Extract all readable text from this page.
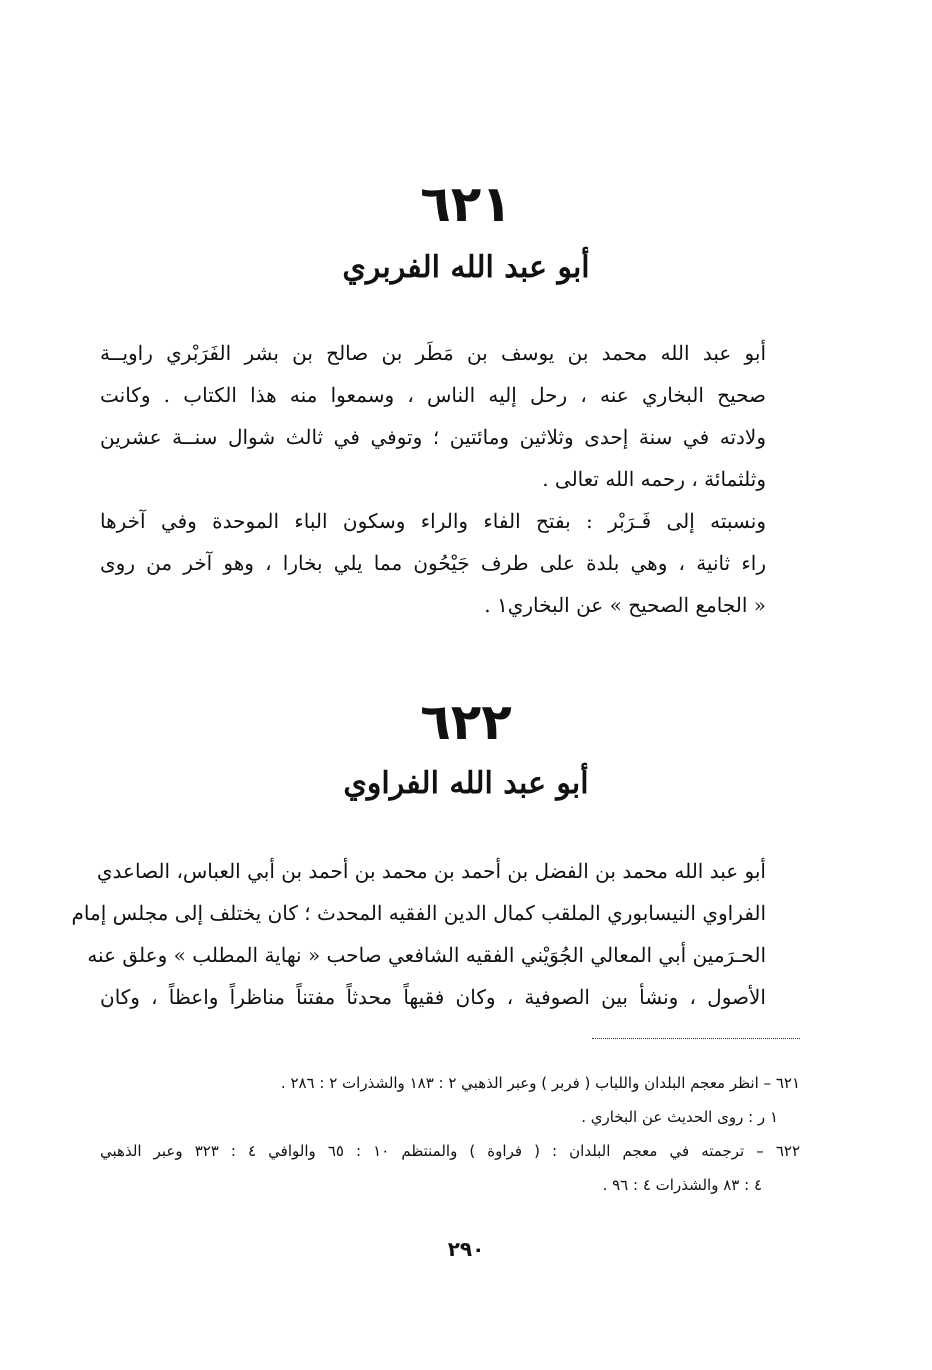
٦٢١
أبو عبد الله الفربري
أبو عبد الله محمد بن يوسف بن مَطَر بن صالح بن بشر الفَرَبْري راويــة
صحيح البخاري عنه ، رحل إليه الناس ، وسمعوا منه هذا الكتاب . وكانت
ولادته في سنة إحدى وثلاثين ومائتين ؛ وتوفي في ثالث شوال سنــة عشرين
وثلثمائة ، رحمه الله تعالى .
ونسبته إلى فَـرَبْر : بفتح الفاء والراء وسكون الباء الموحدة وفي آخرها
راء ثانية ، وهي بلدة على طرف جَيْحُون مما يلي بخارا ، وهو آخر من روى
« الجامع الصحيح » عن البخاري١ .
٦٢٢
أبو عبد الله الفراوي
أبو عبد الله محمد بن الفضل بن أحمد بن محمد بن أحمد بن أبي العباس، الصاعدي
الفراوي النيسابوري الملقب كمال الدين الفقيه المحدث ؛ كان يختلف إلى مجلس إمام
الحـرَمين أبي المعالي الجُوَيْني الفقيه الشافعي صاحب « نهاية المطلب » وعلق عنه
الأصول ، ونشأ بين الصوفية ، وكان فقيهاً محدثاً مفتناً مناظراً واعظاً ، وكان
٦٢١ – انظر معجم البلدان واللباب ( فربر ) وعبر الذهبي ٢ : ١٨٣ والشذرات ٢ : ٢٨٦ .
١ ر : روى الحديث عن البخاري .
٦٢٢ – ترجمته في معجم البلدان : ( فراوة ) والمنتظم ١٠ : ٦٥ والوافي ٤ : ٣٢٣ وعبر الذهبي
٤ : ٨٣ والشذرات ٤ : ٩٦ .
٢٩٠
